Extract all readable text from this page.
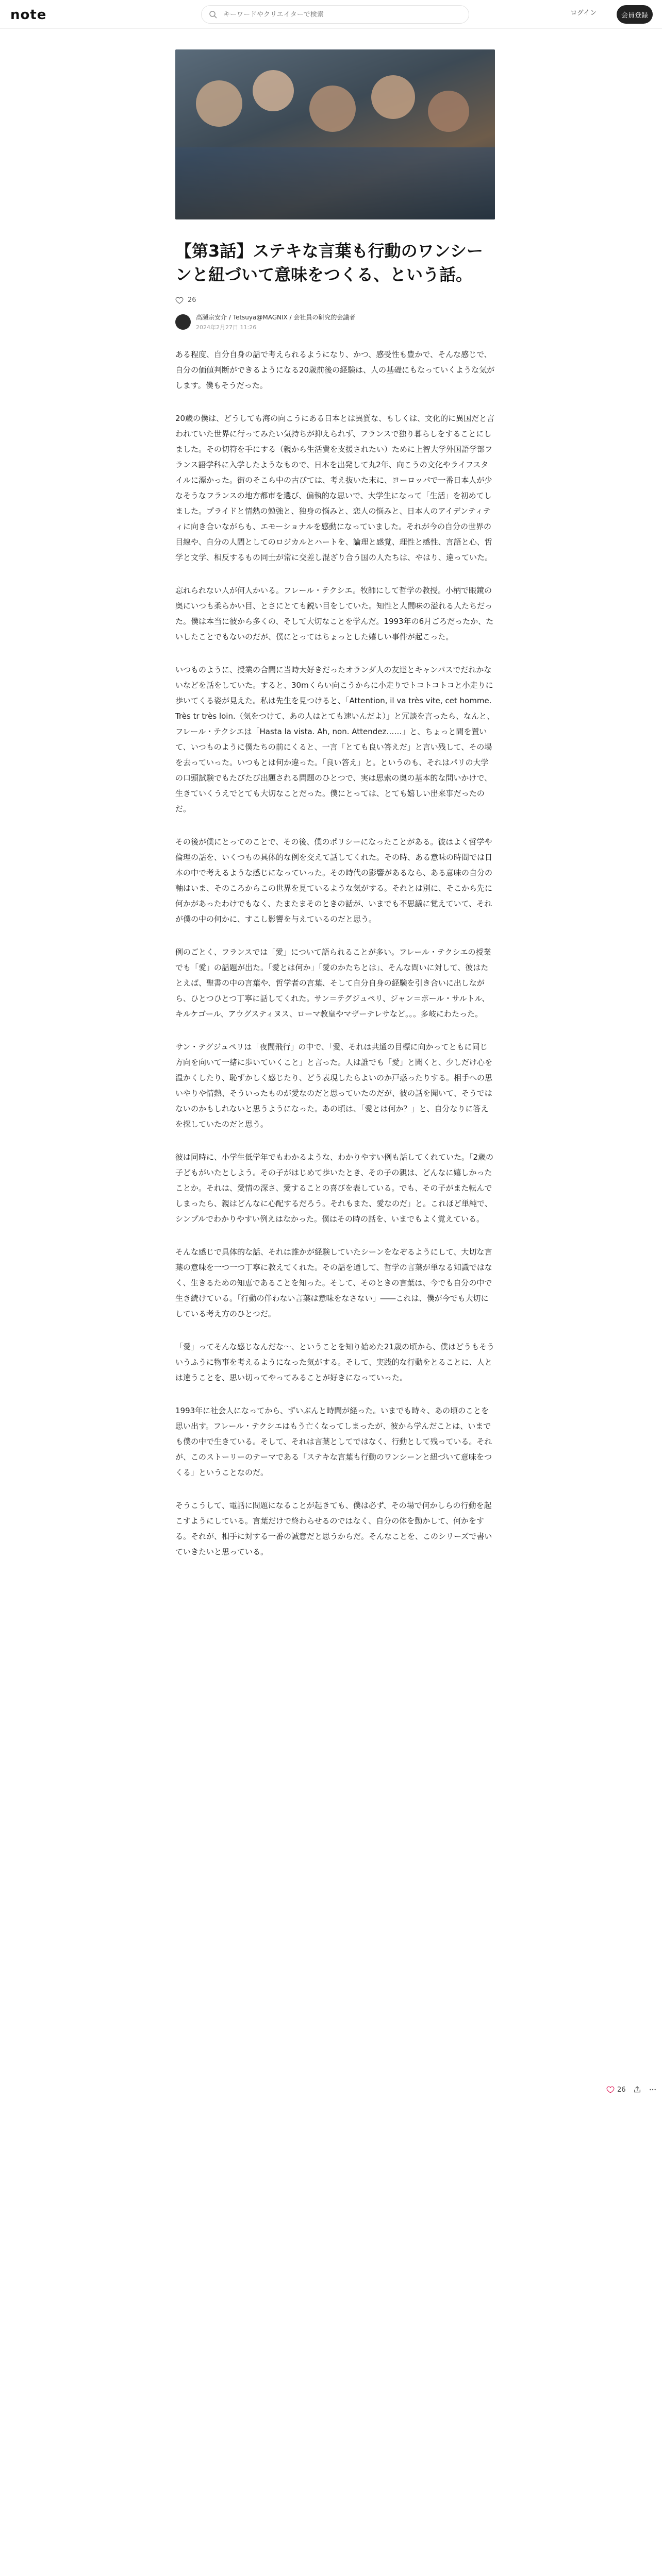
note
キーワードやクリエイターで検索	ログイン	会員登録
【第3話】ステキな言葉も行動のワンシーンと紐づいて意味をつくる、という話。
26
高瀬宗安介 / Tetsuya@MAGNIX / 会社員の研究的会議者
2024年2月27日 11:26

ある程度、自分自身の話で考えられるようになり、かつ、感受性も豊かで、そんな感じで、自分の価値判断ができるようになる20歳前後の経験は、人の基礎にもなっていくような気がします。僕もそうだった。

20歳の僕は、どうしても海の向こうにある日本とは異質な、もしくは、文化的に異国だと言われていた世界に行ってみたい気持ちが抑えられず、フランスで独り暮らしをすることにしました。その切符を手にする（親から生活費を支援されたい）ために上智大学外国語学部フランス語学科に入学したようなもので、日本を出発して丸2年、向こうの文化やライフスタイルに漂かった。街のそこら中の古びては、考え抜いた末に、ヨーロッパで一番日本人が少なそうなフランスの地方都市を選び、偏執的な思いで、大学生になって「生活」を初めてしました。プライドと情熱の勉強と、独身の悩みと、恋人の悩みと、日本人のアイデンティティに向き合いながらも、エモーショナルを感動になっていました。それが今の自分の世界の目線や、自分の人間としてのロジカルとハートを、論理と感覚、理性と感性、言語と心、哲学と文学、相反するもの同士が常に交差し混ざり合う国の人たちは、やはり、違っていた。

忘れられない人が何人かいる。フレール・テクシエ。牧師にして哲学の教授。小柄で眼鏡の奥にいつも柔らかい目、とさにとても鋭い目をしていた。知性と人間味の溢れる人たちだった。僕は本当に彼から多くの、そして大切なことを学んだ。1993年の6月ごろだったか、たいしたことでもないのだが、僕にとってはちょっとした嬉しい事件が起こった。

いつものように、授業の合間に当時大好きだったオランダ人の友達とキャンパスでだれかないなどを話をしていた。すると、30mくらい向こうからに小走りでトコトコトコと小走りに歩いてくる姿が見えた。私は先生を見つけると、「Attention, il va très vite, cet homme. Très tr très loin.（気をつけて、あの人はとても速いんだよ）」と冗談を言ったら、なんと、フレール・テクシエは「Hasta la vista. Ah, non. Attendez……」と、ちょっと間を置いて、いつものように僕たちの前にくると、一言「とても良い答えだ」と言い残して、その場を去っていった。いつもとは何か違った。「良い答え」と。というのも、それはパリの大学の口頭試験でもたびたび出題される問題のひとつで、実は思索の奥の基本的な問いかけで、生きていくうえでとても大切なことだった。僕にとっては、とても嬉しい出来事だったのだ。

その後が僕にとってのことで、その後、僕のポリシーになったことがある。彼はよく哲学や倫理の話を、いくつもの具体的な例を交えて話してくれた。その時、ある意味の時間では日本の中で考えるような感じになっていった。その時代の影響があるなら、ある意味の自分の軸はいま、そのころからこの世界を見ているような気がする。それとは別に、そこから先に何かがあったわけでもなく、たまたまそのときの話が、いまでも不思議に覚えていて、それが僕の中の何かに、すこし影響を与えているのだと思う。

例のごとく、フランスでは「愛」について語られることが多い。フレール・テクシエの授業でも「愛」の話題が出た。「愛とは何か」「愛のかたちとは」、そんな問いに対して、彼はたとえば、聖書の中の言葉や、哲学者の言葉、そして自分自身の経験を引き合いに出しながら、ひとつひとつ丁寧に話してくれた。サン＝テグジュペリ、ジャン＝ポール・サルトル、キルケゴール、アウグスティヌス、ローマ教皇やマザーテレサなど。。。多岐にわたった。

サン・テグジュペリは「夜間飛行」の中で、「愛、それは共通の目標に向かってともに同じ方向を向いて一緒に歩いていくこと」と言った。人は誰でも「愛」と聞くと、少しだけ心を温かくしたり、恥ずかしく感じたり、どう表現したらよいのか戸惑ったりする。相手への思いやりや情熱、そういったものが愛なのだと思っていたのだが、彼の話を聞いて、そうではないのかもしれないと思うようになった。あの頃は、「愛とは何か？」と、自分なりに答えを探していたのだと思う。

彼は同時に、小学生低学年でもわかるような、わかりやすい例も話してくれていた。「2歳の子どもがいたとしよう。その子がはじめて歩いたとき、その子の親は、どんなに嬉しかったことか。それは、愛情の深さ、愛することの喜びを表している。でも、その子がまた転んでしまったら、親はどんなに心配するだろう。それもまた、愛なのだ」と。これほど単純で、シンプルでわかりやすい例えはなかった。僕はその時の話を、いまでもよく覚えている。

そんな感じで具体的な話、それは誰かが経験していたシーンをなぞるようにして、大切な言葉の意味を一つ一つ丁寧に教えてくれた。その話を通して、哲学の言葉が単なる知識ではなく、生きるための知恵であることを知った。そして、そのときの言葉は、今でも自分の中で生き続けている。「行動の伴わない言葉は意味をなさない」――これは、僕が今でも大切にしている考え方のひとつだ。

「愛」ってそんな感じなんだな〜、ということを知り始めた21歳の頃から、僕はどうもそういうふうに物事を考えるようになった気がする。そして、実践的な行動をとることに、人とは違うことを、思い切ってやってみることが好きになっていった。

1993年に社会人になってから、ずいぶんと時間が経った。いまでも時々、あの頃のことを思い出す。フレール・テクシエはもう亡くなってしまったが、彼から学んだことは、いまでも僕の中で生きている。そして、それは言葉としてではなく、行動として残っている。それが、このストーリーのテーマである「ステキな言葉も行動のワンシーンと紐づいて意味をつくる」ということなのだ。

そうこうして、電話に問題になることが起きても、僕は必ず、その場で何かしらの行動を起こすようにしている。言葉だけで終わらせるのではなく、自分の体を動かして、何かをする。それが、相手に対する一番の誠意だと思うからだ。そんなことを、このシリーズで書いていきたいと思っている。

26
